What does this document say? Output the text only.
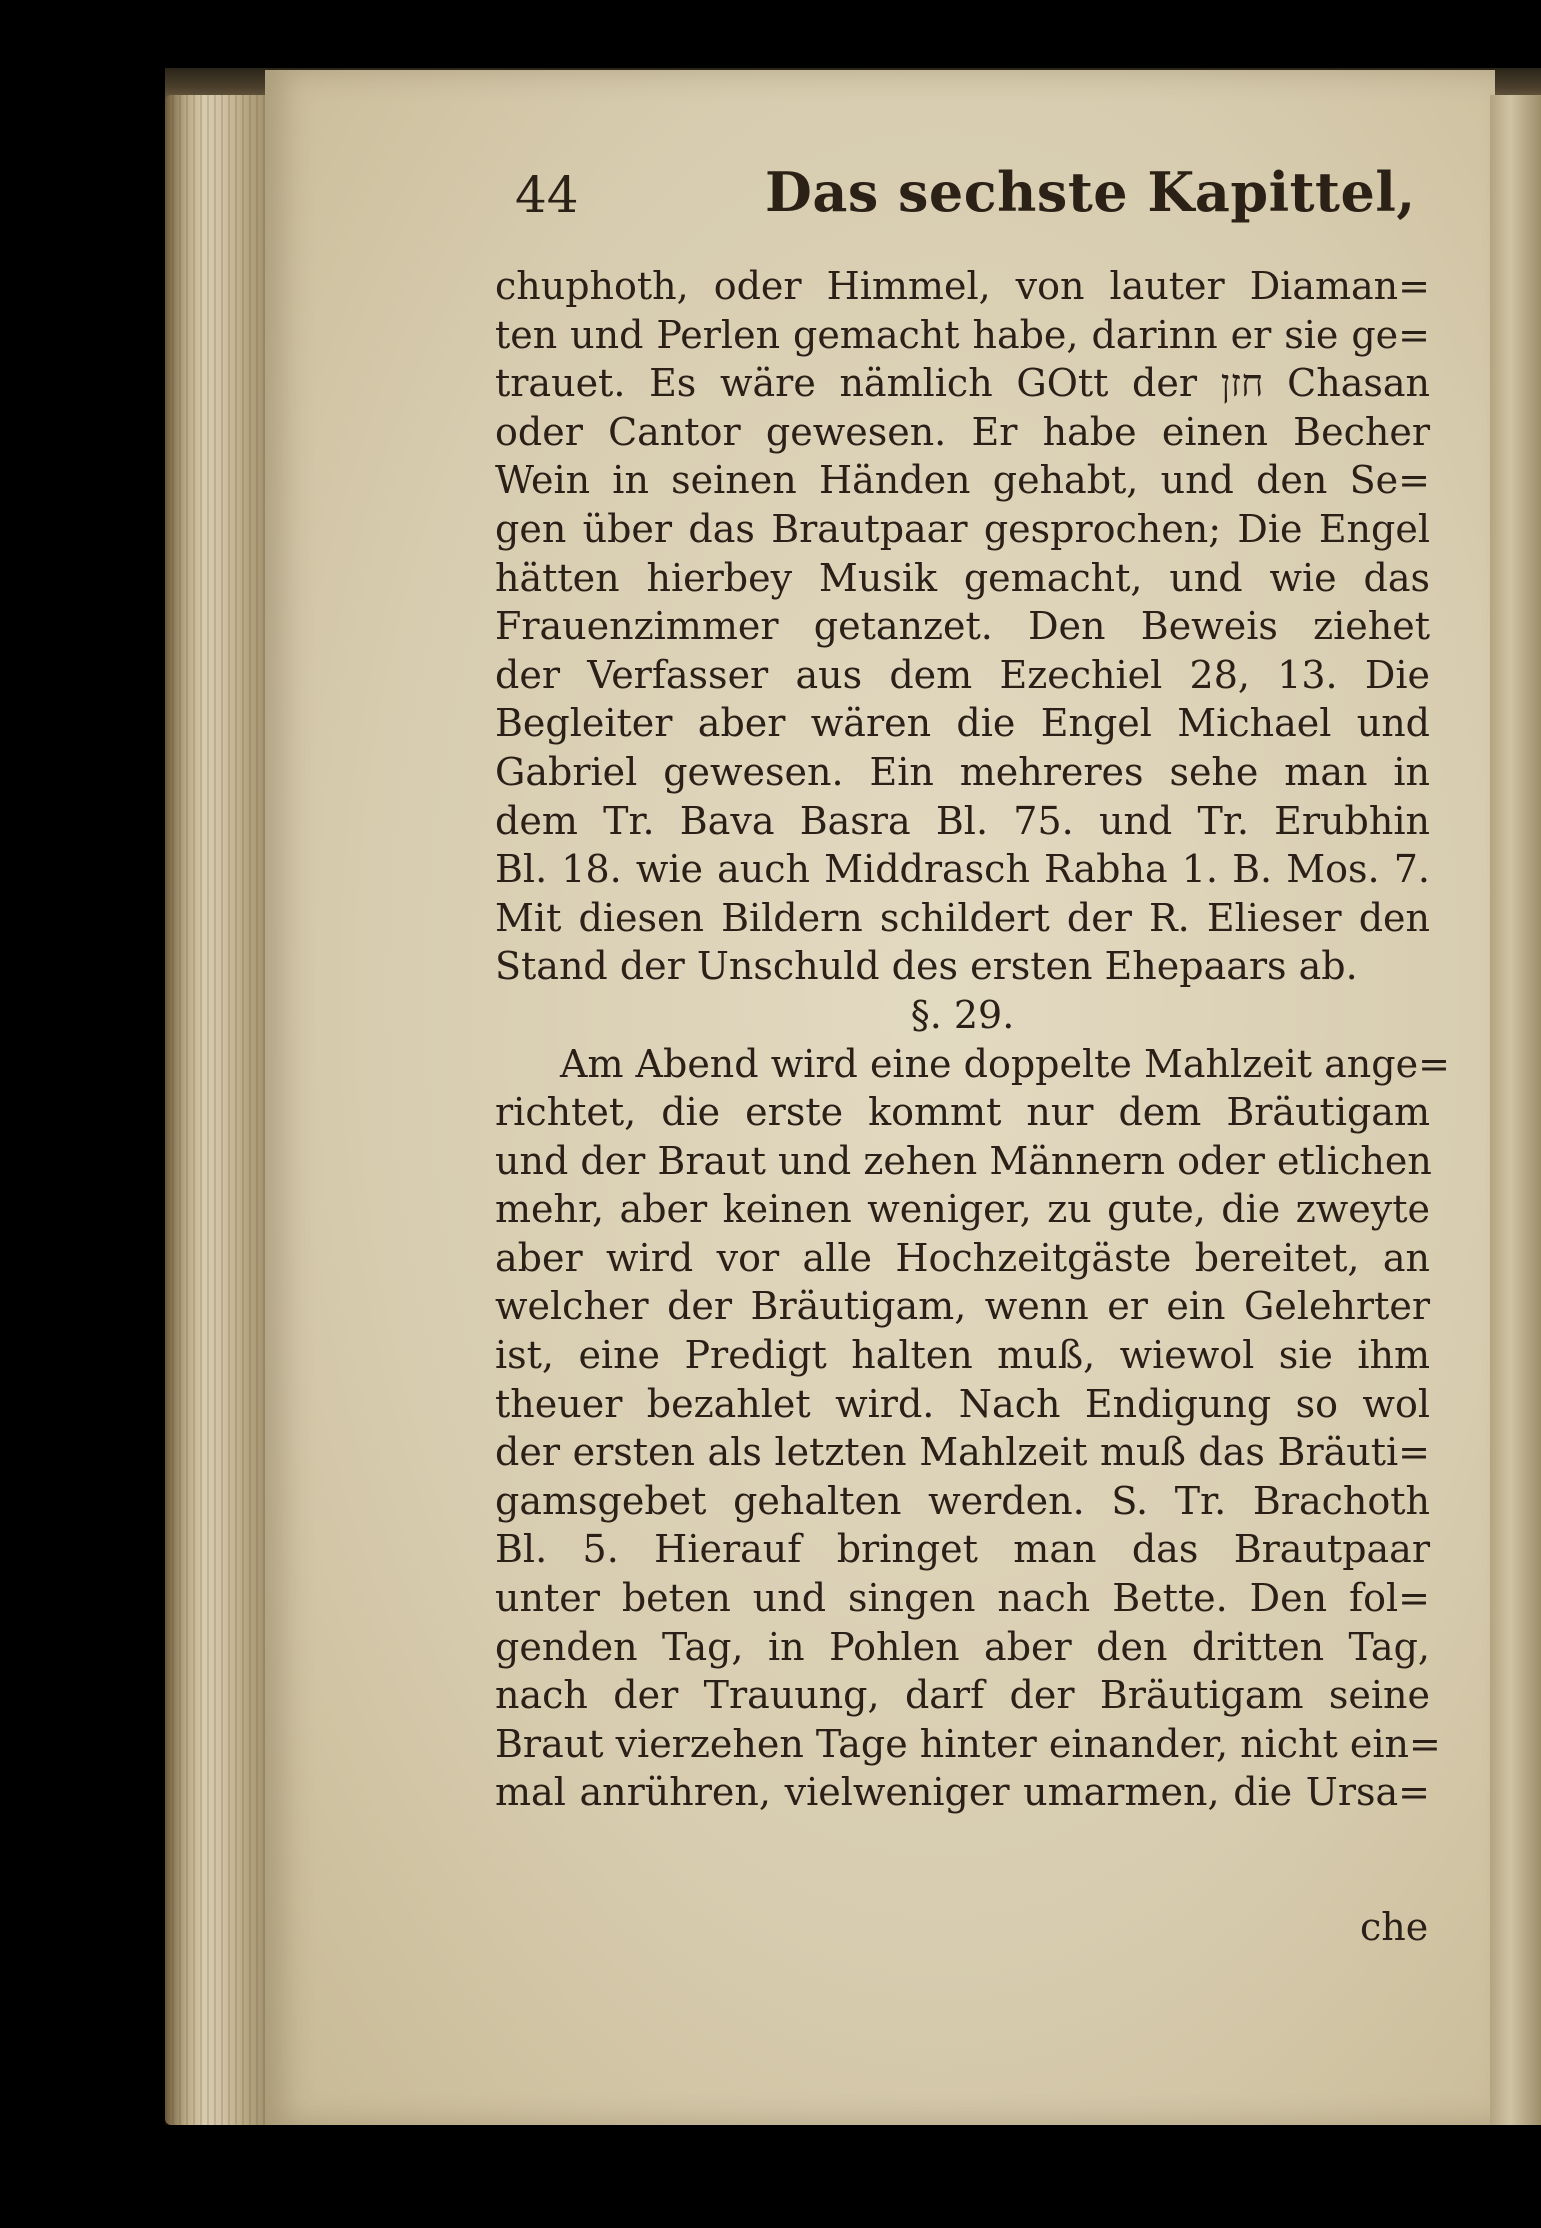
44	Das sechste Kapittel,
chuphoth, oder Himmel, von lauter Diaman=
ten und Perlen gemacht habe, darinn er sie ge=
trauet. Es wäre nämlich GOtt der חזן Chasan
oder Cantor gewesen. Er habe einen Becher
Wein in seinen Händen gehabt, und den Se=
gen über das Brautpaar gesprochen; Die Engel
hätten hierbey Musik gemacht, und wie das
Frauenzimmer getanzet. Den Beweis ziehet
der Verfasser aus dem Ezechiel 28, 13. Die
Begleiter aber wären die Engel Michael und
Gabriel gewesen. Ein mehreres sehe man in
dem Tr. Bava Basra Bl. 75. und Tr. Erubhin
Bl. 18. wie auch Middrasch Rabha 1. B. Mos. 7.
Mit diesen Bildern schildert der R. Elieser den
Stand der Unschuld des ersten Ehepaars ab.
§. 29.
Am Abend wird eine doppelte Mahlzeit ange=
richtet, die erste kommt nur dem Bräutigam
und der Braut und zehen Männern oder etlichen
mehr, aber keinen weniger, zu gute, die zweyte
aber wird vor alle Hochzeitgäste bereitet, an
welcher der Bräutigam, wenn er ein Gelehrter
ist, eine Predigt halten muß, wiewol sie ihm
theuer bezahlet wird. Nach Endigung so wol
der ersten als letzten Mahlzeit muß das Bräuti=
gamsgebet gehalten werden. S. Tr. Brachoth
Bl. 5. Hierauf bringet man das Brautpaar
unter beten und singen nach Bette. Den fol=
genden Tag, in Pohlen aber den dritten Tag,
nach der Trauung, darf der Bräutigam seine
Braut vierzehen Tage hinter einander, nicht ein=
mal anrühren, vielweniger umarmen, die Ursa=
che
